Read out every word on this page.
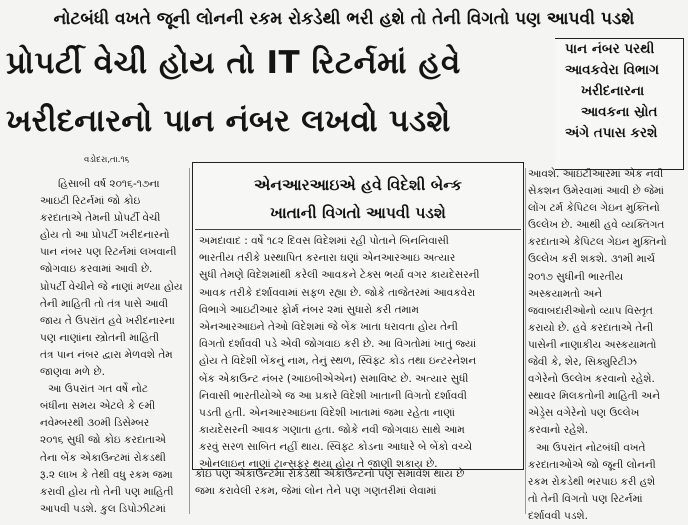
નોટબંધી વખતે જૂની લોનની રકમ રોકડેથી ભરી હશે તો તેની વિગતો પણ આપવી પડશે
પ્રોપર્ટી વેચી હોય તો IT રિટર્નમાં હવે
ખરીદનારનો પાન નંબર લખવો પડશે
પાન નંબર પરથી
આવકવેરા વિભાગ
ખરીદનારના
આવકના સ્રોત
અંગે તપાસ કરશે
વડોદરા,તા.૧૬
હિસાબી વર્ષ ૨૦૧૬-૧૭ના
આઇટી રિટર્નમાં જો કોઇ
કરદાતાએ તેમની પ્રોપર્ટી વેચી
હોય તો આ પ્રોપર્ટી ખરીદનારનો
પાન નંબર પણ રિટર્નમાં લખવાની
જોગવાઇ કરવામાં આવી છે.
પ્રોપર્ટી વેચીને જે નાણાં મળ્યા હોય
તેની માહિતી તો તંત્ર પાસે આવી
જાય તે ઉપરાંત હવે ખરીદનારના
પણ નાણાંના સ્ત્રોતની માહિતી
તંત્ર પાન નંબર દ્વારા મેળવશે તેમ
જાણવા મળે છે.
આ ઉપરાંત ગત વર્ષે નોટ
બંધીના સમય એટલે કે ૯મી
નવેમ્બરથી ૩૦મી ડિસેમ્બર
૨૦૧૬ સુધી જો કોઇ કરદાતાએ
તેના બેંક એકાઉન્ટમાં રોકડથી
રૂ.૨ લાખ કે તેથી વધુ રકમ જમા
કરાવી હોય તો તેની પણ માહિતી
આપવી પડશે. કુલ ડિપોઝીટમાં
એનઆરઆઇએ હવે વિદેશી બેન્ક
ખાતાની વિગતો આપવી પડશે
અમદાવાદ : વર્ષે ૧૮૨ દિવસ વિદેશમાં રહી પોતાને બિનનિવાસી
ભારતીય તરીકે પ્રસ્થાપિત કરનારા ઘણાં એનઆરઆઇ અત્યાર
સુધી તેમણે વિદેશમાંથી કરેલી આવકને ટેક્સ ભર્યા વગર કાયદેસરની
આવક તરીકે દર્શાવવામાં સફળ રહ્યા છે. જોકે તાજેતરમાં આવકવેરા
વિભાગે આઇટીઆર ફોર્મ નંબર ૨માં સુધારો કરી તમામ
એનઆરઆઇને તેઓ વિદેશમાં જે બેંક ખાતા ધરાવતા હોય તેની
વિગતો દર્શાવવી પડે એવી જોગવાઇ કરી છે. આ વિગતોમાં ખાતું જ્યાં
હોય તે વિદેશી બેંકનું નામ, તેનું સ્થળ, સ્વિફ્ટ કોડ તથા ઇન્ટરનેશન
બેંક એકાઉન્ટ નંબર (આઇબીએએન) સમાવિષ્ટ છે. અત્યાર સુધી
નિવાસી ભારતીયોએ જ આ પ્રકારે વિદેશી ખાતાની વિગતો દર્શાવવી
પડતી હતી. એનઆરઆઇના વિદેશી ખાતામાં જમા રહેતા નાણાં
કાયદેસરની આવક ગણાતા હતા. જોકે નવી જોગવાઇ સાથે આમ
કરવું સરળ સાબિત નહીં થાય. સ્વિફ્ટ કોડના આધારે બે બેંકો વચ્ચે
ઓનલાઇન નાણાં ટ્રાન્સફર થયા હોય તે જાણી શકાય છે.
કોઇ પણ એકાઉન્ટમાં રોકડેથી એકાઉન્ટનો પણ સમાવેશ થાય છે
જમા કરાવેલી રકમ, જેમાં લોન તેને પણ ગણતરીમાં લેવામાં
આવશે. આઇટીઆરમાં એક નવી
સેકશન ઉમેરવામાં આવી છે જેમાં
લોંગ ટર્મ કેપિટલ ગેઇન મુક્તિનો
ઉલ્લેખ છે. આથી હવે વ્યક્તિગત
કરદાતાએ કેપિટલ ગેઇન મુક્તિનો
ઉલ્લેખ કરી શકશે. ૩૧મી માર્ચ
૨૦૧૭ સુધીની ભારતીય
અસ્કયામતો અને
જવાબદારીઓનો વ્યાપ વિસ્તૃત
કરાયો છે. હવે કરદાતાએ તેની
પાસેની નાણાકીય અસ્કયામતો
જેવી કે, શેર, સિક્યુરિટીઝ
વગેરેનો ઉલ્લેખ કરવાનો રહેશે.
સ્થાવર મિલકતોની માહિતી અને
એડ્રેસ વગેરેનો પણ ઉલ્લેખ
કરવાનો રહેશે.
આ ઉપરાંત નોટબંધી વખતે
કરદાતાઓએ જો જૂની લોનની
રકમ રોકડેથી ભરપાઇ કરી હશે
તો તેની વિગતો પણ રિટર્નમાં
દર્શાવવી પડશે.
